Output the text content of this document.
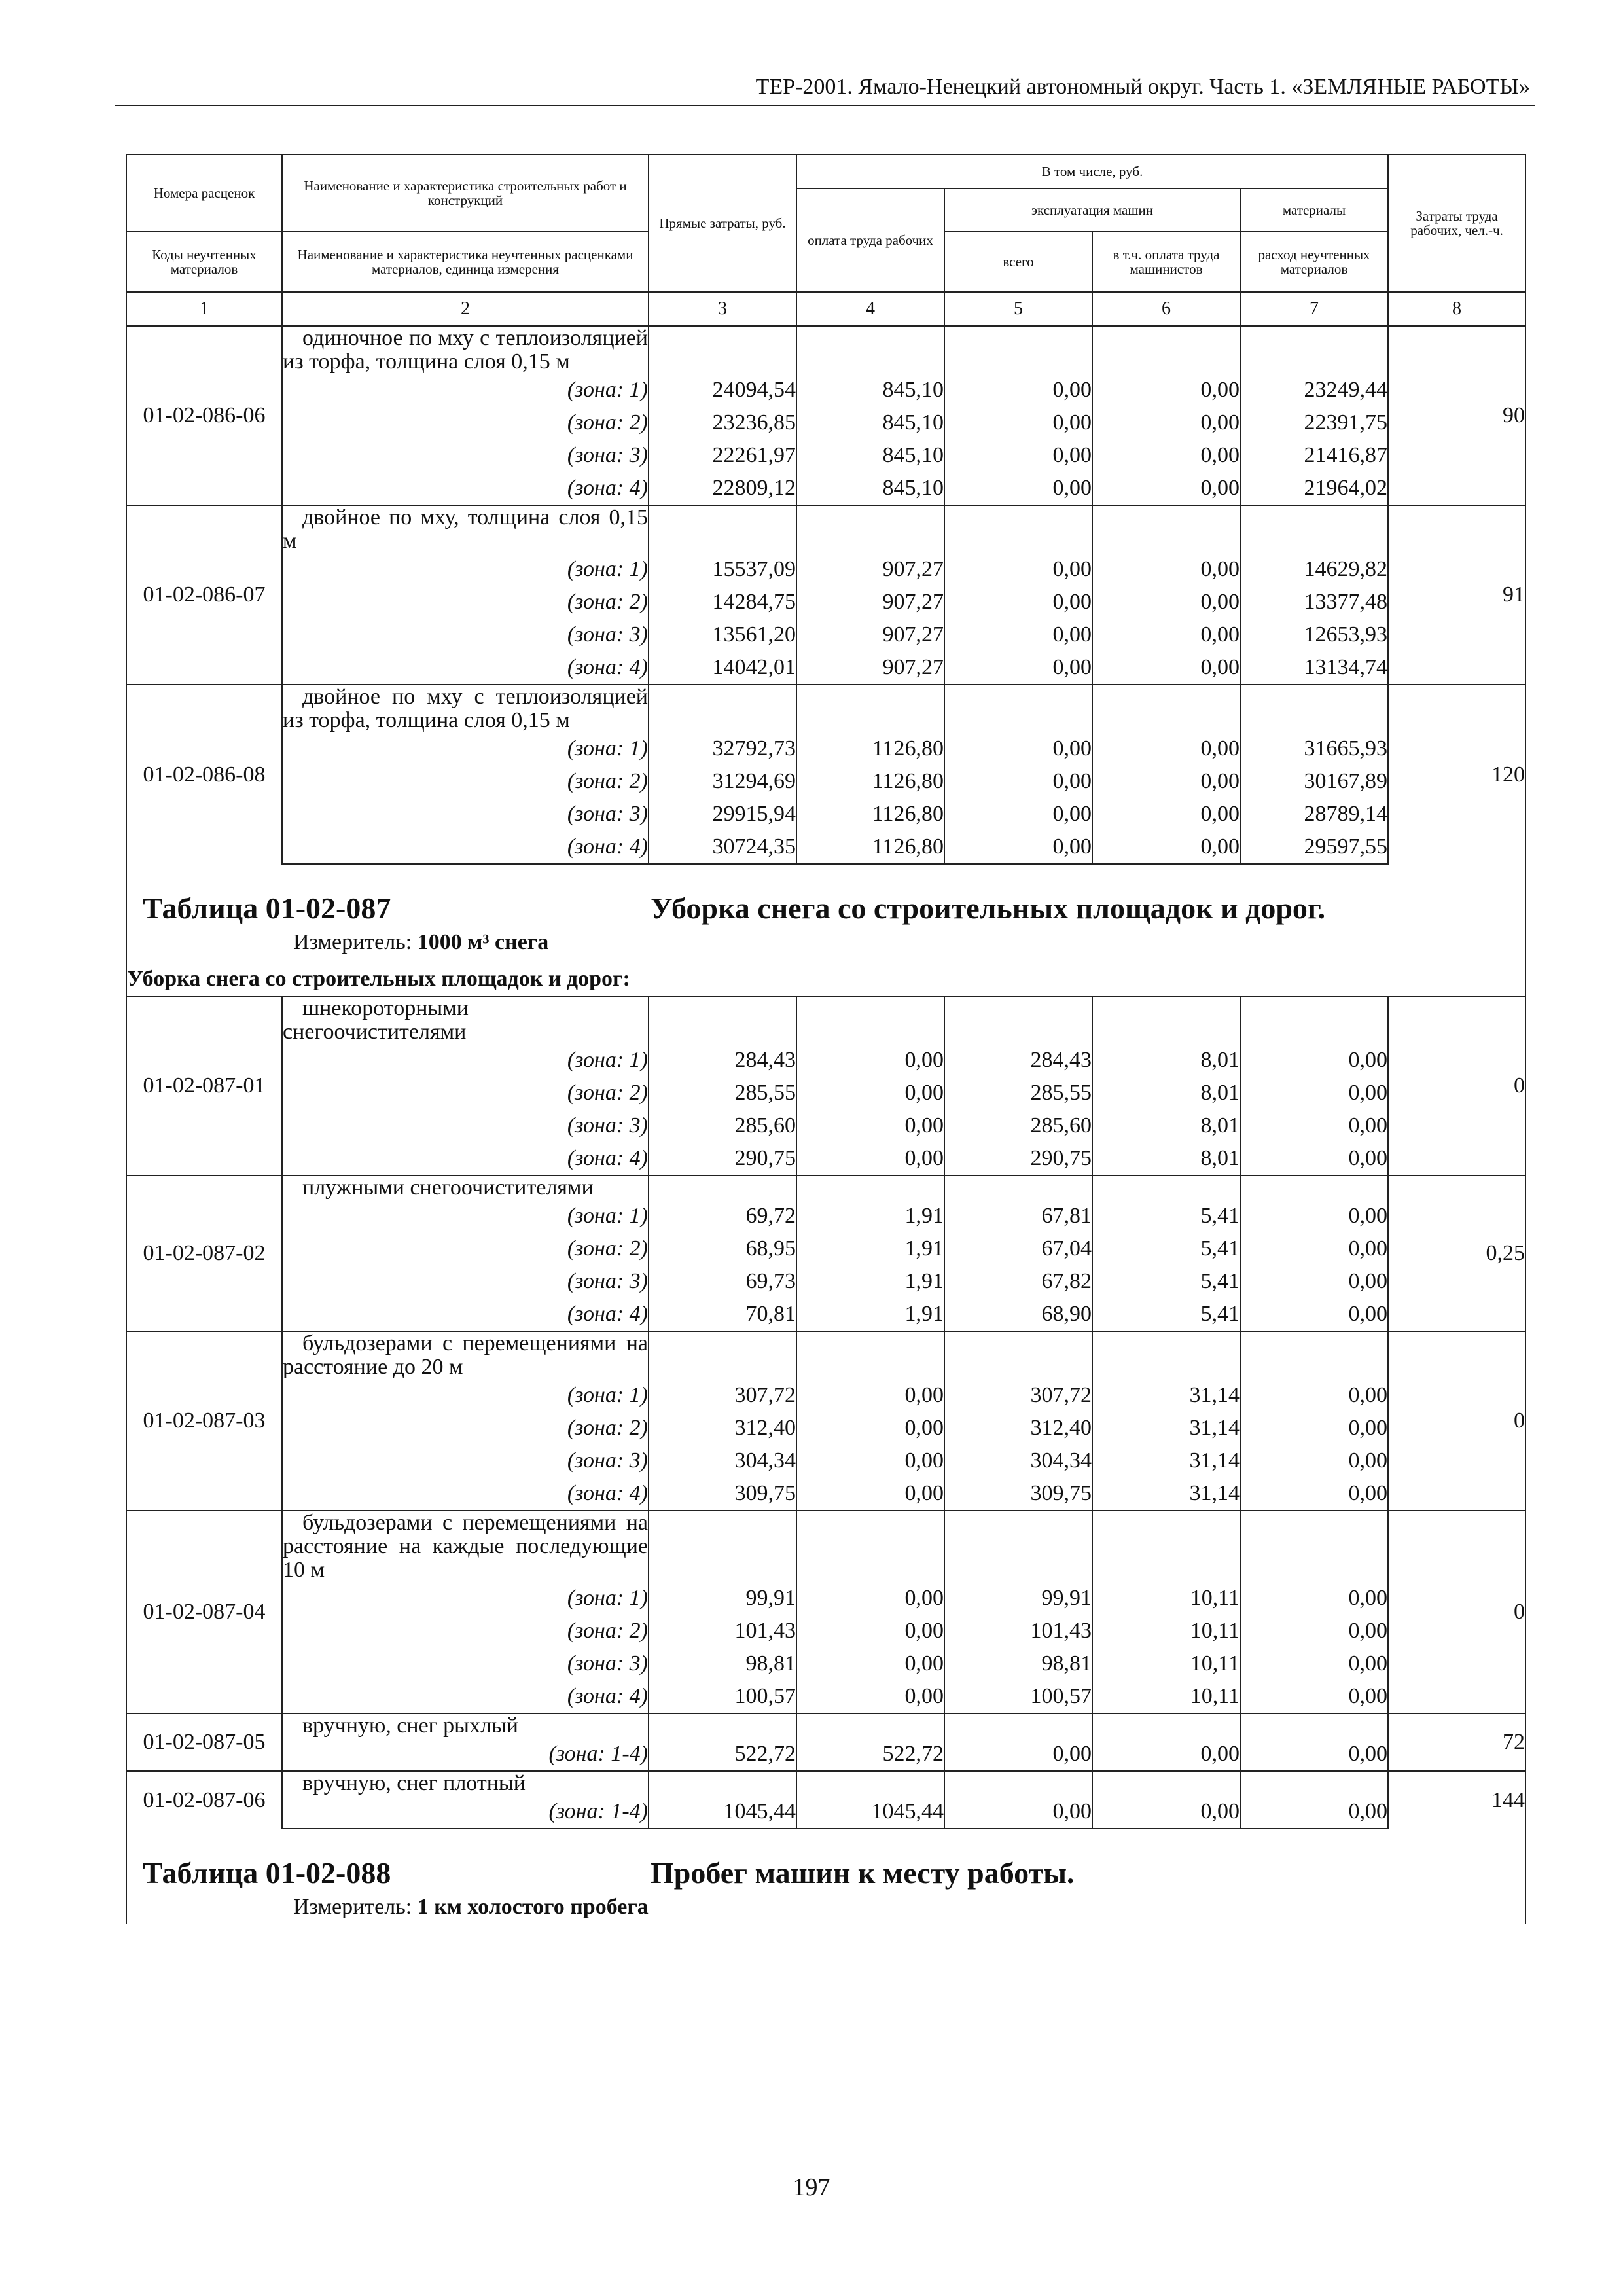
ТЕР-2001. Ямало-Ненецкий автономный округ. Часть 1. «ЗЕМЛЯНЫЕ РАБОТЫ»
Номера расценок	Наименование и характеристика строительных работ и конструкций	Прямые затраты, руб.	В том числе, руб.				Затраты труда рабочих, чел.-ч.
			оплата труда рабочих	эксплуатация машин		материалы	
Коды неучтенных материалов	Наименование и характеристика неучтенных расценками материалов, единица измерения			всего	в т.ч. оплата труда машинистов	расход неучтенных материалов	
1	2	3	4	5	6	7	8
01-02-086-06	одиночное по мху с теплоизоляцией из торфа, толщина слоя 0,15 м						90
	(зона: 1)	24094,54	845,10	0,00	0,00	23249,44	
	(зона: 2)	23236,85	845,10	0,00	0,00	22391,75	
	(зона: 3)	22261,97	845,10	0,00	0,00	21416,87	
	(зона: 4)	22809,12	845,10	0,00	0,00	21964,02	
01-02-086-07	двойное по мху, толщина слоя 0,15 м						91
	(зона: 1)	15537,09	907,27	0,00	0,00	14629,82	
	(зона: 2)	14284,75	907,27	0,00	0,00	13377,48	
	(зона: 3)	13561,20	907,27	0,00	0,00	12653,93	
	(зона: 4)	14042,01	907,27	0,00	0,00	13134,74	
01-02-086-08	двойное по мху с теплоизоляцией из торфа, толщина слоя 0,15 м						120
	(зона: 1)	32792,73	1126,80	0,00	0,00	31665,93	
	(зона: 2)	31294,69	1126,80	0,00	0,00	30167,89	
	(зона: 3)	29915,94	1126,80	0,00	0,00	28789,14	
	(зона: 4)	30724,35	1126,80	0,00	0,00	29597,55	

Таблица 01-02-087 Уборка снега со строительных площадок и дорог.
Измеритель: 1000 м³ снега							

Уборка снега со строительных площадок и дорог:							
01-02-087-01	шнекороторными снегоочистителями						0
	(зона: 1)	284,43	0,00	284,43	8,01	0,00	
	(зона: 2)	285,55	0,00	285,55	8,01	0,00	
	(зона: 3)	285,60	0,00	285,60	8,01	0,00	
	(зона: 4)	290,75	0,00	290,75	8,01	0,00	
01-02-087-02	плужными снегоочистителями						0,25
	(зона: 1)	69,72	1,91	67,81	5,41	0,00	
	(зона: 2)	68,95	1,91	67,04	5,41	0,00	
	(зона: 3)	69,73	1,91	67,82	5,41	0,00	
	(зона: 4)	70,81	1,91	68,90	5,41	0,00	
01-02-087-03	бульдозерами с перемещениями на расстояние до 20 м						0
	(зона: 1)	307,72	0,00	307,72	31,14	0,00	
	(зона: 2)	312,40	0,00	312,40	31,14	0,00	
	(зона: 3)	304,34	0,00	304,34	31,14	0,00	
	(зона: 4)	309,75	0,00	309,75	31,14	0,00	
01-02-087-04	бульдозерами с перемещениями на расстояние на каждые последующие 10 м						0
	(зона: 1)	99,91	0,00	99,91	10,11	0,00	
	(зона: 2)	101,43	0,00	101,43	10,11	0,00	
	(зона: 3)	98,81	0,00	98,81	10,11	0,00	
	(зона: 4)	100,57	0,00	100,57	10,11	0,00	
01-02-087-05	вручную, снег рыхлый						72
	(зона: 1-4)	522,72	522,72	0,00	0,00	0,00	
01-02-087-06	вручную, снег плотный						144
	(зона: 1-4)	1045,44	1045,44	0,00	0,00	0,00	

Таблица 01-02-088 Пробег машин к месту работы.
Измеритель: 1 км холостого пробега							
197
